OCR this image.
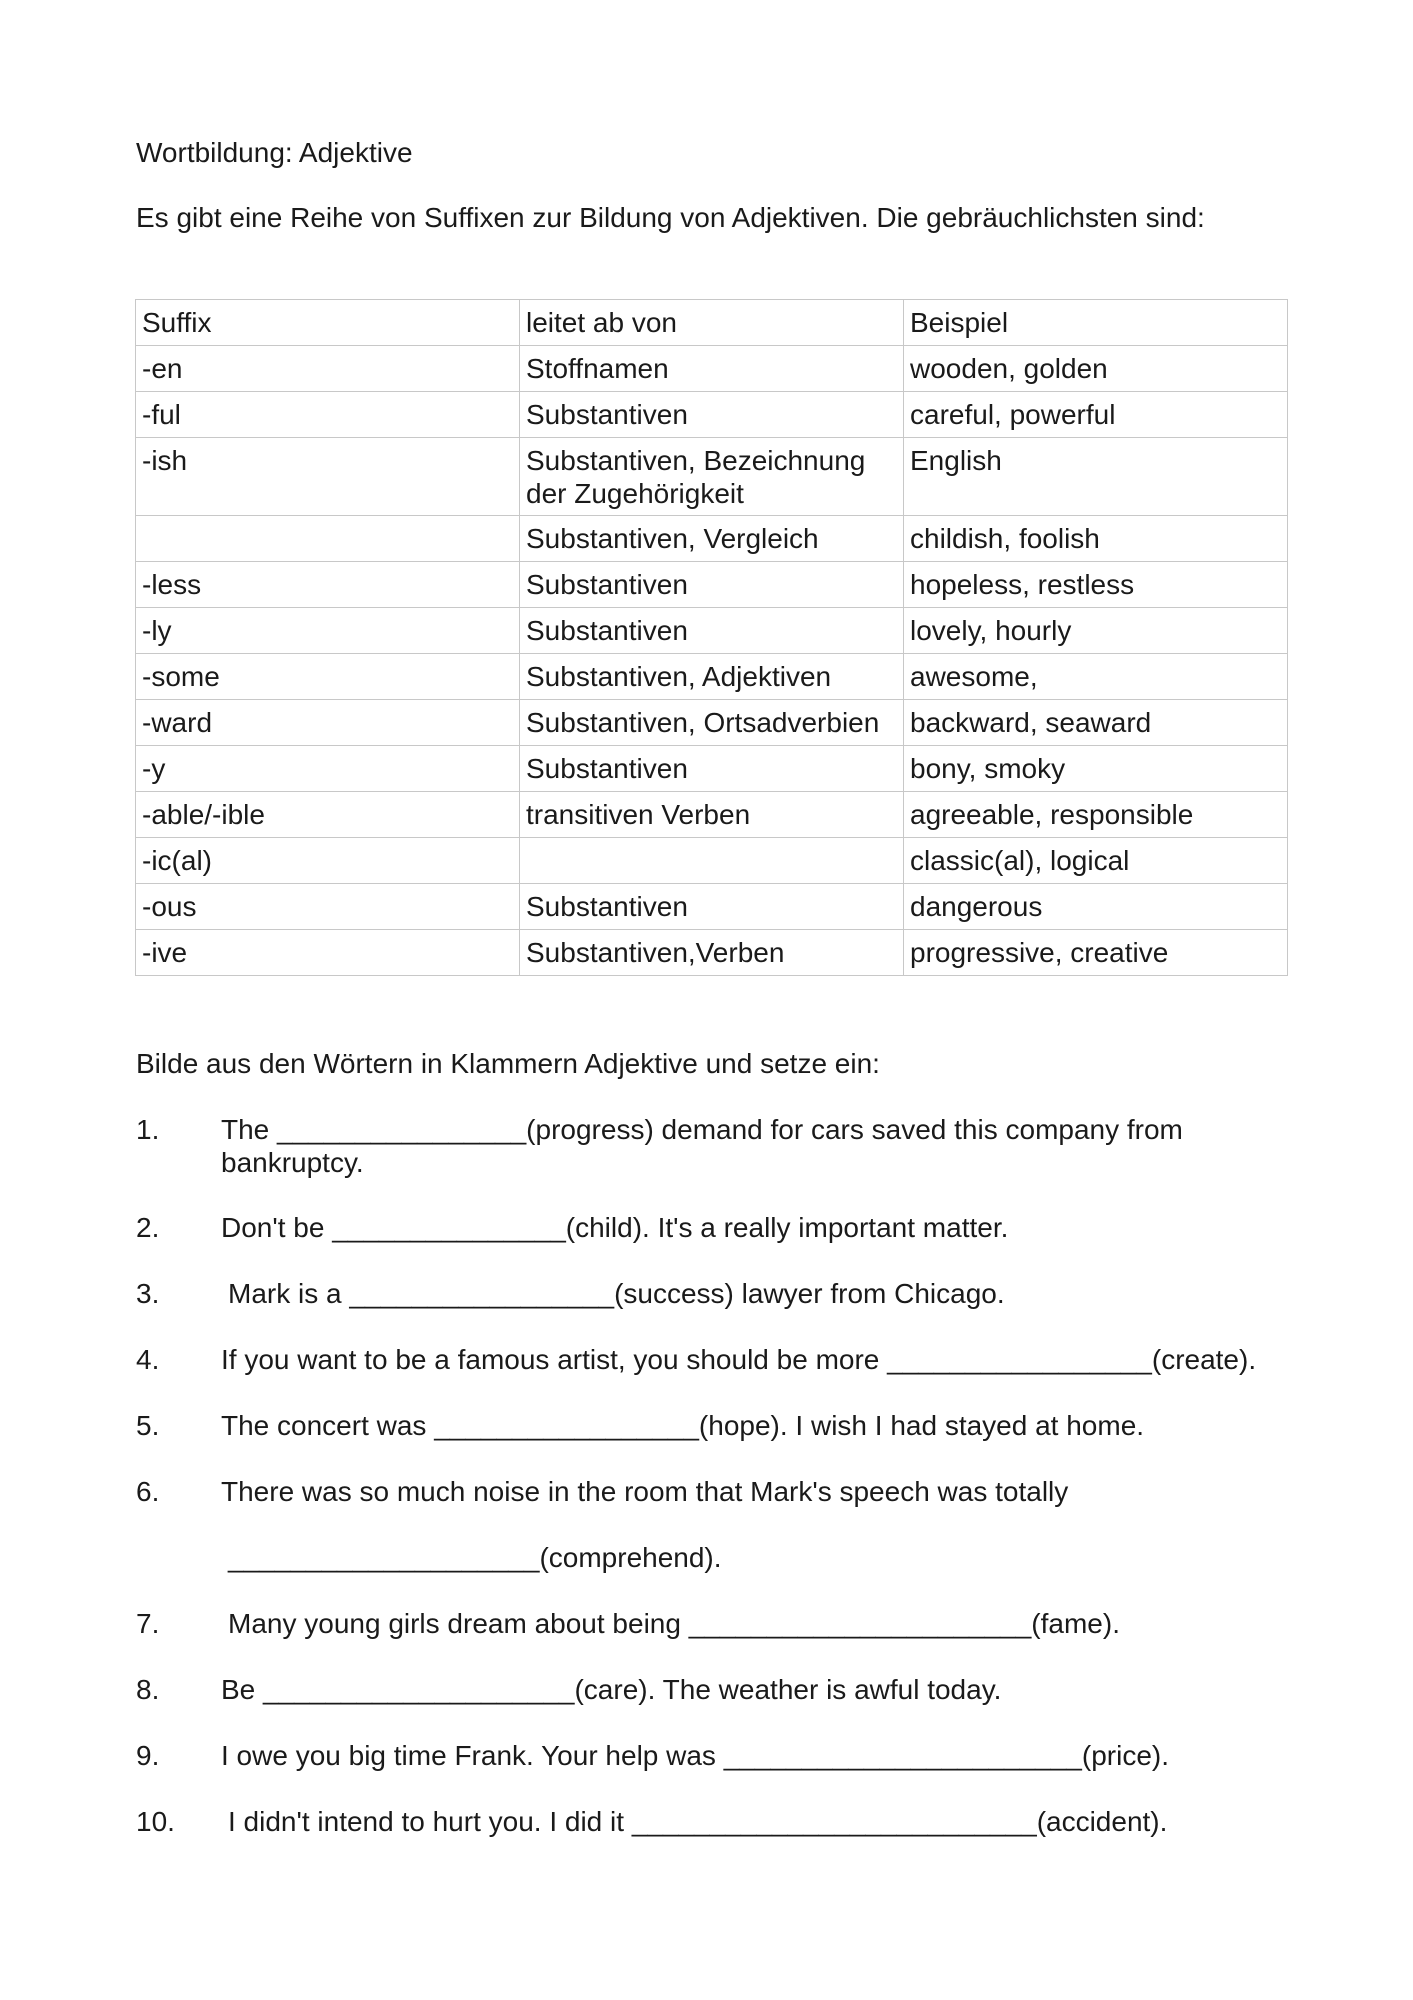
Wortbildung: Adjektive
Es gibt eine Reihe von Suffixen zur Bildung von Adjektiven. Die gebräuchlichsten sind:
Suffix	leitet ab von	Beispiel
-en	Stoffnamen	wooden, golden
-ful	Substantiven	careful, powerful
-ish	Substantiven, Bezeichnung der Zugehörigkeit	English
	Substantiven, Vergleich	childish, foolish
-less	Substantiven	hopeless, restless
-ly	Substantiven	lovely, hourly
-some	Substantiven, Adjektiven	awesome,
-ward	Substantiven, Ortsadverbien	backward, seaward
-y	Substantiven	bony, smoky
-able/-ible	transitiven Verben	agreeable, responsible
-ic(al)		classic(al), logical
-ous	Substantiven	dangerous
-ive	Substantiven,Verben	progressive, creative
Bilde aus den Wörtern in Klammern Adjektive und setze ein:
1. The ________________(progress) demand for cars saved this company from
bankruptcy.
2. Don't be _______________(child). It's a really important matter.
3. Mark is a _________________(success) lawyer from Chicago.
4. If you want to be a famous artist, you should be more _________________(create).
5. The concert was _________________(hope). I wish I had stayed at home.
6. There was so much noise in the room that Mark's speech was totally
____________________(comprehend).
7. Many young girls dream about being ______________________(fame).
8. Be ____________________(care). The weather is awful today.
9. I owe you big time Frank. Your help was _______________________(price).
10. I didn't intend to hurt you. I did it __________________________(accident).
